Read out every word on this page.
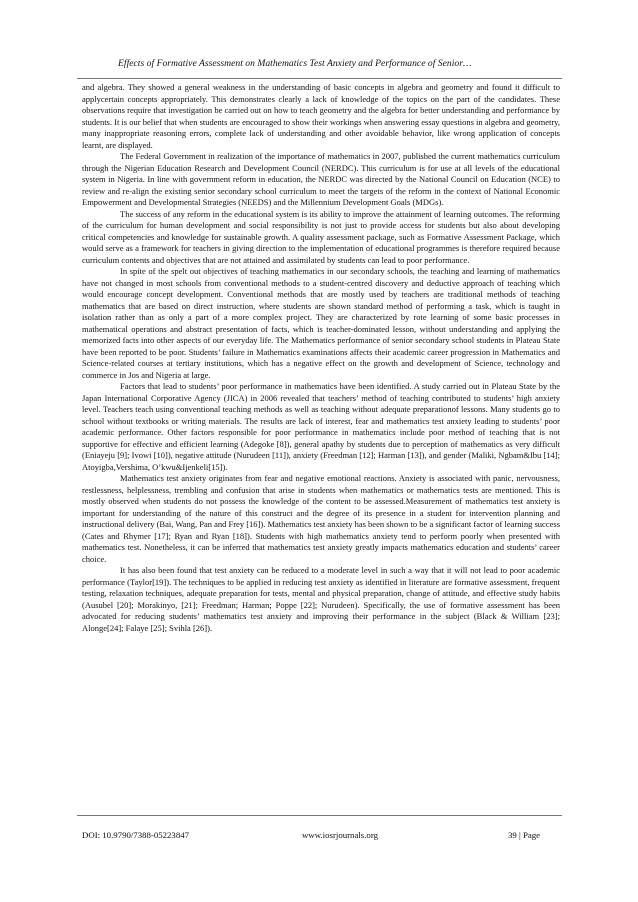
Effects of Formative Assessment on Mathematics Test Anxiety and Performance of Senior…

and algebra. They showed a general weakness in the understanding of basic concepts in algebra and geometry and found it difficult to applycertain concepts appropriately. This demonstrates clearly a lack of knowledge of the topics on the part of the candidates. These observations require that investigation be carried out on how to teach geometry and the algebra for better understanding and performance by students. It is our belief that when students are encouraged to show their workings when answering essay questions in algebra and geometry, many inappropriate reasoning errors, complete lack of understanding and other avoidable behavior, like wrong application of concepts learnt, are displayed.

The Federal Government in realization of the importance of mathematics in 2007, published the current mathematics curriculum through the Nigerian Education Research and Development Council (NERDC). This curriculum is for use at all levels of the educational system in Nigeria. In line with government reform in education, the NERDC was directed by the National Council on Education (NCE) to review and re-align the existing senior secondary school curriculum to meet the targets of the reform in the context of National Economic Empowerment and Developmental Strategies (NEEDS) and the Millennium Development Goals (MDGs).

The success of any reform in the educational system is its ability to improve the attainment of learning outcomes. The reforming of the curriculum for human development and social responsibility is not just to provide access for students but also about developing critical competencies and knowledge for sustainable growth. A quality assessment package, such as Formative Assessment Package, which would serve as a framework for teachers in giving direction to the implementation of educational programmes is therefore required because curriculum contents and objectives that are not attained and assimilated by students can lead to poor performance.

In spite of the spelt out objectives of teaching mathematics in our secondary schools, the teaching and learning of mathematics have not changed in most schools from conventional methods to a student-centred discovery and deductive approach of teaching which would encourage concept development. Conventional methods that are mostly used by teachers are traditional methods of teaching mathematics that are based on direct instruction, where students are shown standard method of performing a task, which is taught in isolation rather than as only a part of a more complex project. They are characterized by rote learning of some basic processes in mathematical operations and abstract presentation of facts, which is teacher-dominated lesson, without understanding and applying the memorized facts into other aspects of our everyday life. The Mathematics performance of senior secondary school students in Plateau State have been reported to be poor. Students’ failure in Mathematics examinations affects their academic career progression in Mathematics and Science-related courses at tertiary institutions, which has a negative effect on the growth and development of Science, technology and commerce in Jos and Nigeria at large.

Factors that lead to students’ poor performance in mathematics have been identified. A study carried out in Plateau State by the Japan International Corporative Agency (JICA) in 2006 revealed that teachers’ method of teaching contributed to students’ high anxiety level. Teachers teach using conventional teaching methods as well as teaching without adequate preparationof lessons. Many students go to school without textbooks or writing materials. The results are lack of interest, fear and mathematics test anxiety leading to students’ poor academic performance. Other factors responsible for poor performance in mathematics include poor method of teaching that is not supportive for effective and efficient learning (Adegoke [8]), general apathy by students due to perception of mathematics as very difficult (Eniayeju [9]; Ivowi [10]), negative attitude (Nurudeen [11]), anxiety (Freedman [12]; Harman [13]), and gender (Maliki, Ngbam&Ibu [14]; Atoyigba,Vershima, O’kwu&Ijenkeli[15]).

Mathematics test anxiety originates from fear and negative emotional reactions. Anxiety is associated with panic, nervousness, restlessness, helplessness, trembling and confusion that arise in students when mathematics or mathematics tests are mentioned. This is mostly observed when students do not possess the knowledge of the content to be assessed.Measurement of mathematics test anxiety is important for understanding of the nature of this construct and the degree of its presence in a student for intervention planning and instructional delivery (Bai, Wang, Pan and Frey [16]). Mathematics test anxiety has been shown to be a significant factor of learning success (Cates and Rhymer [17]; Ryan and Ryan [18]). Students with high mathematics anxiety tend to perform poorly when presented with mathematics test. Nonetheless, it can be inferred that mathematics test anxiety greatly impacts mathematics education and students’ career choice.

It has also been found that test anxiety can be reduced to a moderate level in such a way that it will not lead to poor academic performance (Taylor[19]). The techniques to be applied in reducing test anxiety as identified in literature are formative assessment, frequent testing, relaxation techniques, adequate preparation for tests, mental and physical preparation, change of attitude, and effective study habits (Ausubel [20]; Morakinyo, [21]; Freedman; Harman; Poppe [22]; Nurudeen). Specifically, the use of formative assessment has been advocated for reducing students’ mathematics test anxiety and improving their performance in the subject (Black & William [23]; Alonge[24]; Falaye [25]; Svihla [26]).

DOI: 10.9790/7388-05223847	www.iosrjournals.org	39 | Page
